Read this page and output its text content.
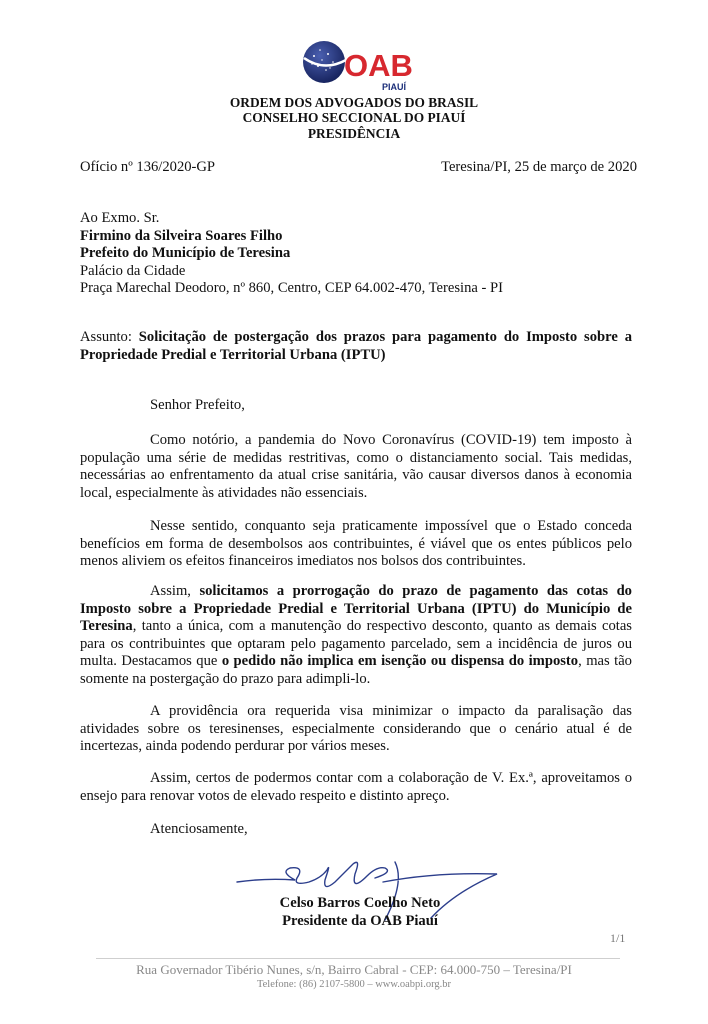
OAB
PIAUÍ
ORDEM DOS ADVOGADOS DO BRASIL
CONSELHO SECCIONAL DO PIAUÍ
PRESIDÊNCIA
Ofício nº 136/2020-GP	Teresina/PI, 25 de março de 2020
Ao Exmo. Sr.
Firmino da Silveira Soares Filho
Prefeito do Município de Teresina
Palácio da Cidade
Praça Marechal Deodoro, nº 860, Centro, CEP 64.002-470, Teresina - PI
Assunto: Solicitação de postergação dos prazos para pagamento do Imposto sobre a Propriedade Predial e Territorial Urbana (IPTU)
Senhor Prefeito,
Como notório, a pandemia do Novo Coronavírus (COVID-19) tem imposto à população uma série de medidas restritivas, como o distanciamento social. Tais medidas, necessárias ao enfrentamento da atual crise sanitária, vão causar diversos danos à economia local, especialmente às atividades não essenciais.
Nesse sentido, conquanto seja praticamente impossível que o Estado conceda benefícios em forma de desembolsos aos contribuintes, é viável que os entes públicos pelo menos aliviem os efeitos financeiros imediatos nos bolsos dos contribuintes.
Assim, solicitamos a prorrogação do prazo de pagamento das cotas do Imposto sobre a Propriedade Predial e Territorial Urbana (IPTU) do Município de Teresina, tanto a única, com a manutenção do respectivo desconto, quanto as demais cotas para os contribuintes que optaram pelo pagamento parcelado, sem a incidência de juros ou multa. Destacamos que o pedido não implica em isenção ou dispensa do imposto, mas tão somente na postergação do prazo para adimpli-lo.
A providência ora requerida visa minimizar o impacto da paralisação das atividades sobre os teresinenses, especialmente considerando que o cenário atual é de incertezas, ainda podendo perdurar por vários meses.
Assim, certos de podermos contar com a colaboração de V. Ex.ª, aproveitamos o ensejo para renovar votos de elevado respeito e distinto apreço.
Atenciosamente,
Celso Barros Coelho Neto
Presidente da OAB Piauí
1/1
Rua Governador Tibério Nunes, s/n, Bairro Cabral - CEP: 64.000-750 – Teresina/PI
Telefone: (86) 2107-5800 – www.oabpi.org.br
